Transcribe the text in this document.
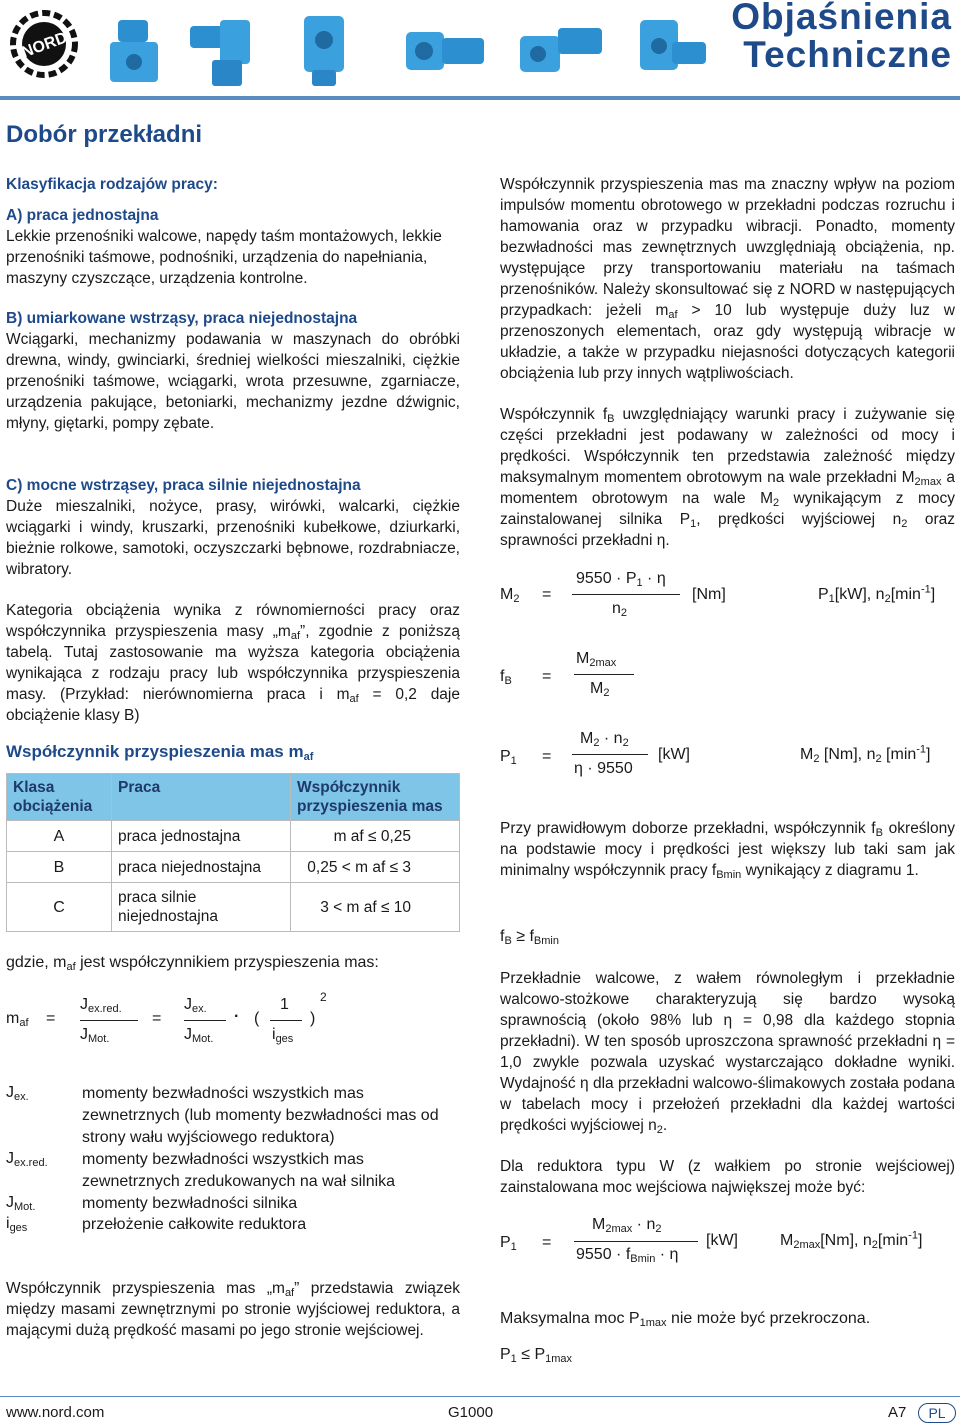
NORD
Objaśnienia
Techniczne
Dobór przekładni
Klasyfikacja rodzajów pracy:
A) praca jednostajna
Lekkie przenośniki walcowe, napędy taśm montażowych, lekkie przenośniki taśmowe, podnośniki, urządzenia do napełniania, maszyny czyszczące, urządzenia kontrolne.
B) umiarkowane wstrząsy, praca niejednostajna
Wciągarki, mechanizmy podawania w maszynach do obróbki drewna, windy, gwinciarki, średniej wielkości mieszalniki, ciężkie przenośniki taśmowe, wciągarki, wrota przesuwne, zgarniacze, urządzenia pakujące, betoniarki, mechanizmy jezdne dźwignic, młyny, giętarki, pompy zębate.
C) mocne wstrząsey, praca silnie niejednostajna
Duże mieszalniki, nożyce, prasy, wirówki, walcarki, ciężkie wciągarki i windy, kruszarki, przenośniki kubełkowe, dziurkarki, bieżnie rolkowe, samotoki, oczyszczarki bębnowe, rozdrabniacze, wibratory.
Kategoria obciążenia wynika z równomierności pracy oraz współczynnika przyspieszenia masy $„m_{af}$”, zgodnie z poniższą tabelą. Tutaj zastosowanie ma wyższa kategoria obciążenia wynikająca z rodzaju pracy lub współczynnika przyspieszenia masy. (Przykład: nierównomierna praca i $m_{af} = 0,2$ daje obciążenie klasy B)
Współczynnik przyspieszenia mas $m_{af}$
Klasa obciążenia	Praca	Współczynnik przyspieszenia mas
A	praca jednostajna	m af ≤ 0,25
B	praca niejednostajna	0,25 < m af ≤ 3
C	praca silnie niejednostajna	3 < m af ≤ 10
gdzie, $m_{af}$ jest współczynnikiem przyspieszenia mas:
$m_{af}$ =
$J_{ex.red.}$
$J_{Mot.}$
=
$J_{ex.}$
$J_{Mot.}$
· (
1
$i_{ges}$
)
2
$J_{ex.}$	momenty bezwładności wszystkich mas zewnetrznych (lub momenty bezwładności mas od strony wału wyjściowego reduktora)
$J_{ex.red.}$ momenty bezwładności wszystkich mas zewnetrznych zredukowanych na wał silnika
$J_{Mot.}$	momenty bezwładności silnika
$i_{ges}$	przełożenie całkowite reduktora
Współczynnik przyspieszenia mas $„m_{af}$” przedstawia związek między masami zewnętrznymi po stronie wyjściowej reduktora, a mającymi dużą prędkość masami po jego stronie wejściowej.
Współczynnik przyspieszenia mas ma znaczny wpływ na poziom impulsów momentu obrotowego w przekładni podczas rozruchu i hamowania oraz w przypadku wibracji. Ponadto, momenty bezwładności mas zewnętrznych uwzględniają obciążenia, np. występujące przy transportowaniu materiału na taśmach przenośników. Należy skonsultować się z NORD w następujących przypadkach: jeżeli $m_{af} > 10$ lub występuje duży luz w przenoszonych elementach, oraz gdy występują wibracje w układzie, a także w przypadku niejasności dotyczących kategorii obciążenia lub przy innych wątpliwościach.
Współczynnik $f_B$ uwzględniający warunki pracy i zużywanie się części przekładni jest podawany w zależności od mocy i prędkości. Współczynnik ten przedstawia zależność między maksymalnym momentem obrotowym na wale przekładni $M_{2max}$ a momentem obrotowym na wale $M_2$ wynikającym z mocy zainstalowanej silnika $P_1$, prędkości wyjściowej $n_2$ oraz sprawności przekładni η.
$M_2$ =
$9550 \cdot P_1 \cdot \eta$
$n_2$
[Nm]	$P_1[kW]$, $n_2[\min^{-1}]$
$f_B$ =
$M_{2max}$
$M_2$
$P_1$ =
$M_2 \cdot n_2$
η · 9550
[kW]	$M_2$ [Nm], $n_2$ $[\min^{-1}]$
Przy prawidłowym doborze przekładni, współczynnik $f_B$ określony na podstawie mocy i prędkości jest większy lub taki sam jak minimalny współczynnik pracy $f_{Bmin}$ wynikający z diagramu 1.
$f_B \ge f_{Bmin}$
Przekładnie walcowe, z wałem równoległym i przekładnie walcowo-stożkowe charakteryzują się bardzo wysoką sprawnością (około 98% lub η = 0,98 dla każdego stopnia przekładni). W ten sposób uproszczona sprawność przekładni η = 1,0 zwykle pozwala uzyskać wystarczająco dokładne wyniki. Wydajność η dla przekładni walcowo-ślimakowych została podana w tabelach mocy i przełożeń przekładni dla każdej wartości prędkości wyjściowej $n_2$.
Dla reduktora typu W (z wałkiem po stronie wejściowej) zainstalowana moc wejściowa największej może być:
$P_1$ =
$M_{2max} \cdot n_2$
$9550 \cdot f_{Bmin} \cdot \eta$
[kW]	$M_{2max}[Nm]$, $n_2[\min^{-1}]$
Maksymalna moc $P_{1max}$ nie może być przekroczona.
$P_1 \le P_{1max}$
www.nord.com	G1000	A7	PL
